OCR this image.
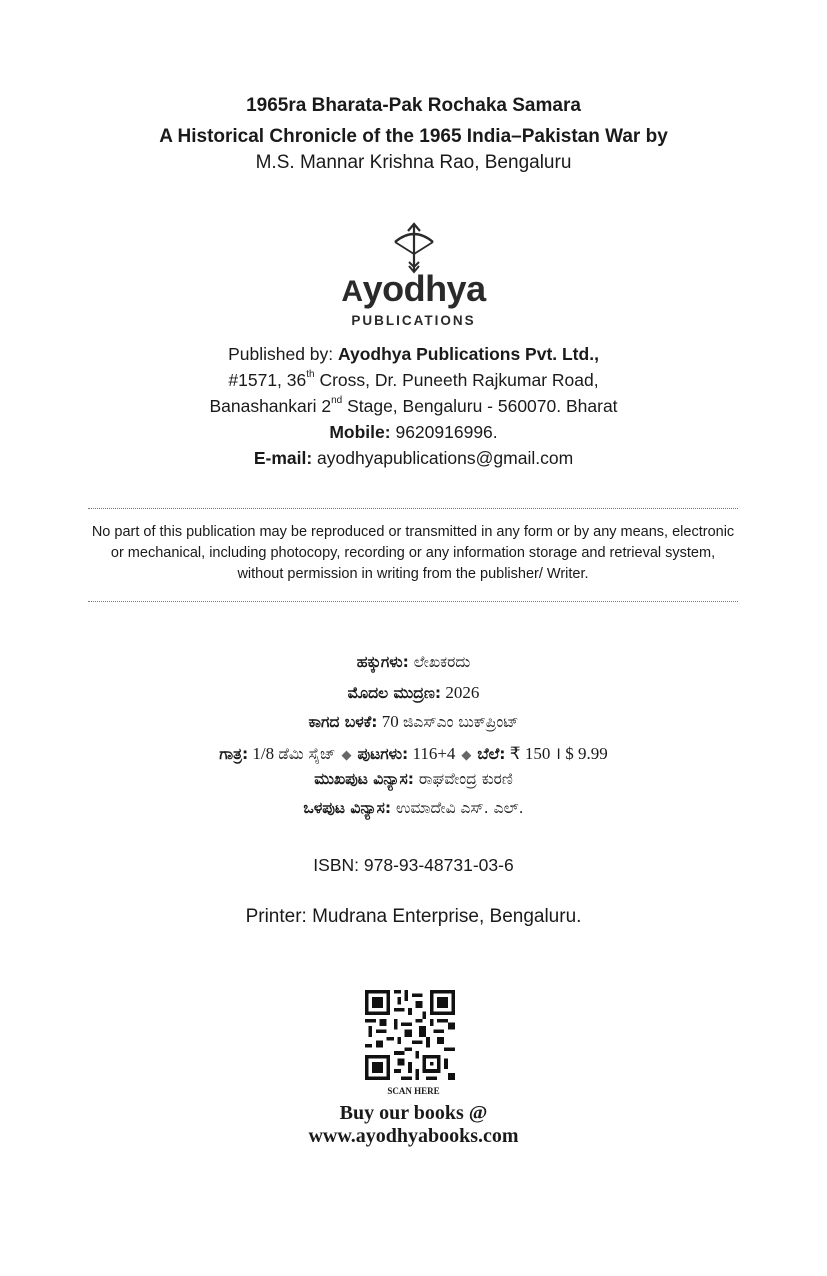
1965ra Bharata-Pak Rochaka Samara
A Historical Chronicle of the 1965 India–Pakistan War by
M.S. Mannar Krishna Rao, Bengaluru
Ayodhya
PUBLICATIONS
Published by: Ayodhya Publications Pvt. Ltd.,
#1571, 36th Cross, Dr. Puneeth Rajkumar Road,
Banashankari 2nd Stage, Bengaluru - 560070. Bharat
Mobile: 9620916996.
E-mail: ayodhyapublications@gmail.com
No part of this publication may be reproduced or transmitted in any form or by any means, electronic or mechanical, including photocopy, recording or any information storage and retrieval system, without permission in writing from the publisher/ Writer.
ಹಕ್ಕುಗಳು: ಲೇಖಕರದು
ಮೊದಲ ಮುದ್ರಣ: 2026
ಕಾಗದ ಬಳಕೆ: 70 ಜಿಎಸ್‌ಎಂ ಬುಕ್‌ಪ್ರಿಂಟ್
ಗಾತ್ರ: 1/8 ಡೆಮಿ ಸೈಜ್ ◆ ಪುಟಗಳು: 116+4 ◆ ಬೆಲೆ: ₹ 150 । $ 9.99
ಮುಖಪುಟ ವಿನ್ಯಾಸ: ರಾಘವೇಂದ್ರ ಕುರಣಿ
ಒಳಪುಟ ವಿನ್ಯಾಸ: ಉಮಾದೇವಿ ಎಸ್. ಎಲ್.
ISBN: 978-93-48731-03-6
Printer: Mudrana Enterprise, Bengaluru.
SCAN HERE
Buy our books @
www.ayodhyabooks.com
